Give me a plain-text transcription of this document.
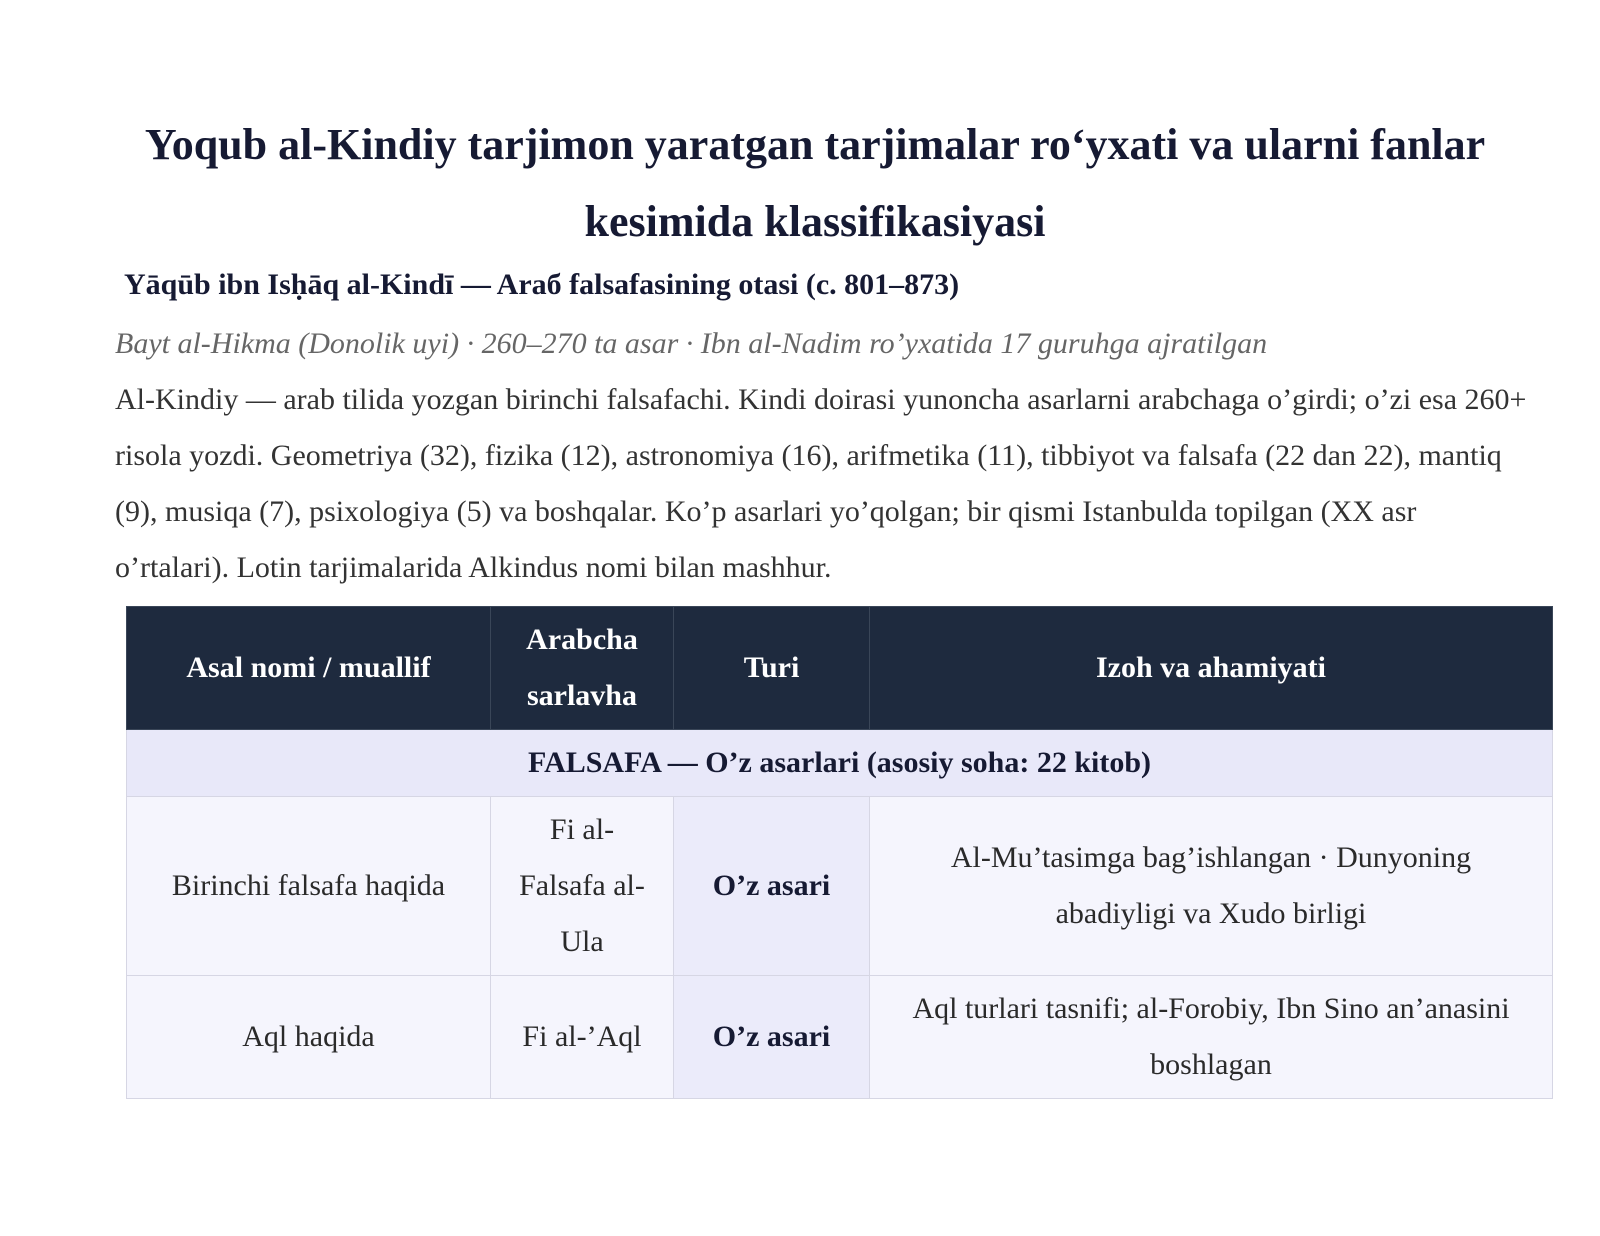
Yoqub al-Kindiy tarjimon yaratgan tarjimalar roʻyxati va ularni fanlar kesimida klassifikasiyasi
Yāqūb ibn Isḥāq al-Kindī — Arаб falsafasining otasi (c. 801–873)
Bayt al-Hikma (Donolik uyi) · 260–270 ta asar · Ibn al-Nadim ro’yxatida 17 guruhga ajratilgan
Al-Kindiy — arab tilida yozgan birinchi falsafachi. Kindi doirasi yunoncha asarlarni arabchaga o’girdi; o’zi esa 260+ risola yozdi. Geometriya (32), fizika (12), astronomiya (16), arifmetika (11), tibbiyot va falsafa (22 dan 22), mantiq (9), musiqa (7), psixologiya (5) va boshqalar. Ko’p asarlari yo’qolgan; bir qismi Istanbulda topilgan (XX asr o’rtalari). Lotin tarjimalarida Alkindus nomi bilan mashhur.
Asal nomi / muallif	Arabcha sarlavha	Turi	Izoh va ahamiyati
FALSAFA — O’z asarlari (asosiy soha: 22 kitob)			
Birinchi falsafa haqida	Fi al-Falsafa al-Ula	O’z asari	Al-Mu’tasimga bag’ishlangan · Dunyoning abadiyligi va Xudo birligi
Aql haqida	Fi al-’Aql	O’z asari	Aql turlari tasnifi; al-Forobiy, Ibn Sino an’anasini boshlagan
